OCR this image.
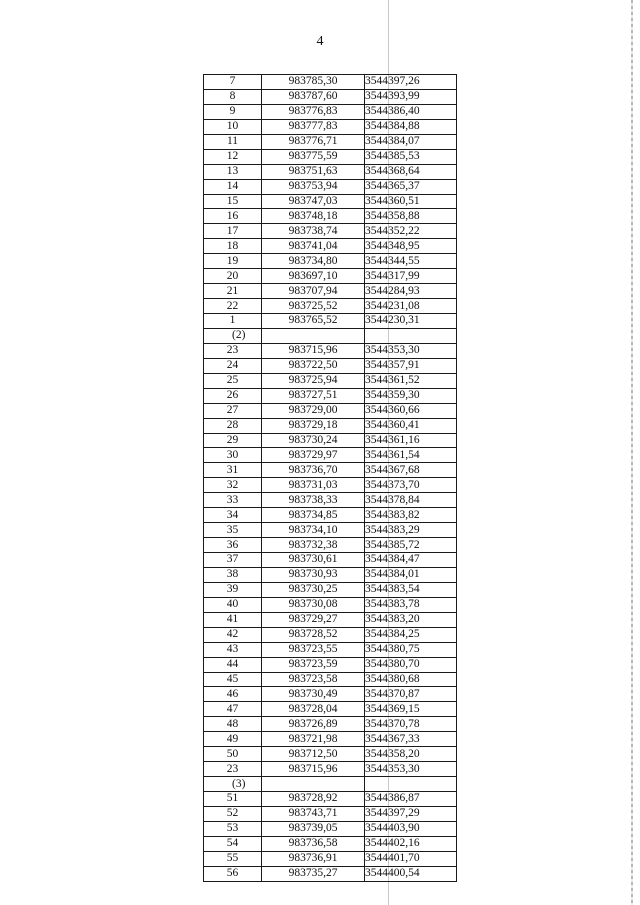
4
7	983785,30	3544397,26
8	983787,60	3544393,99
9	983776,83	3544386,40
10	983777,83	3544384,88
11	983776,71	3544384,07
12	983775,59	3544385,53
13	983751,63	3544368,64
14	983753,94	3544365,37
15	983747,03	3544360,51
16	983748,18	3544358,88
17	983738,74	3544352,22
18	983741,04	3544348,95
19	983734,80	3544344,55
20	983697,10	3544317,99
21	983707,94	3544284,93
22	983725,52	3544231,08
1	983765,52	3544230,31
(2)		
23	983715,96	3544353,30
24	983722,50	3544357,91
25	983725,94	3544361,52
26	983727,51	3544359,30
27	983729,00	3544360,66
28	983729,18	3544360,41
29	983730,24	3544361,16
30	983729,97	3544361,54
31	983736,70	3544367,68
32	983731,03	3544373,70
33	983738,33	3544378,84
34	983734,85	3544383,82
35	983734,10	3544383,29
36	983732,38	3544385,72
37	983730,61	3544384,47
38	983730,93	3544384,01
39	983730,25	3544383,54
40	983730,08	3544383,78
41	983729,27	3544383,20
42	983728,52	3544384,25
43	983723,55	3544380,75
44	983723,59	3544380,70
45	983723,58	3544380,68
46	983730,49	3544370,87
47	983728,04	3544369,15
48	983726,89	3544370,78
49	983721,98	3544367,33
50	983712,50	3544358,20
23	983715,96	3544353,30
(3)		
51	983728,92	3544386,87
52	983743,71	3544397,29
53	983739,05	3544403,90
54	983736,58	3544402,16
55	983736,91	3544401,70
56	983735,27	3544400,54
